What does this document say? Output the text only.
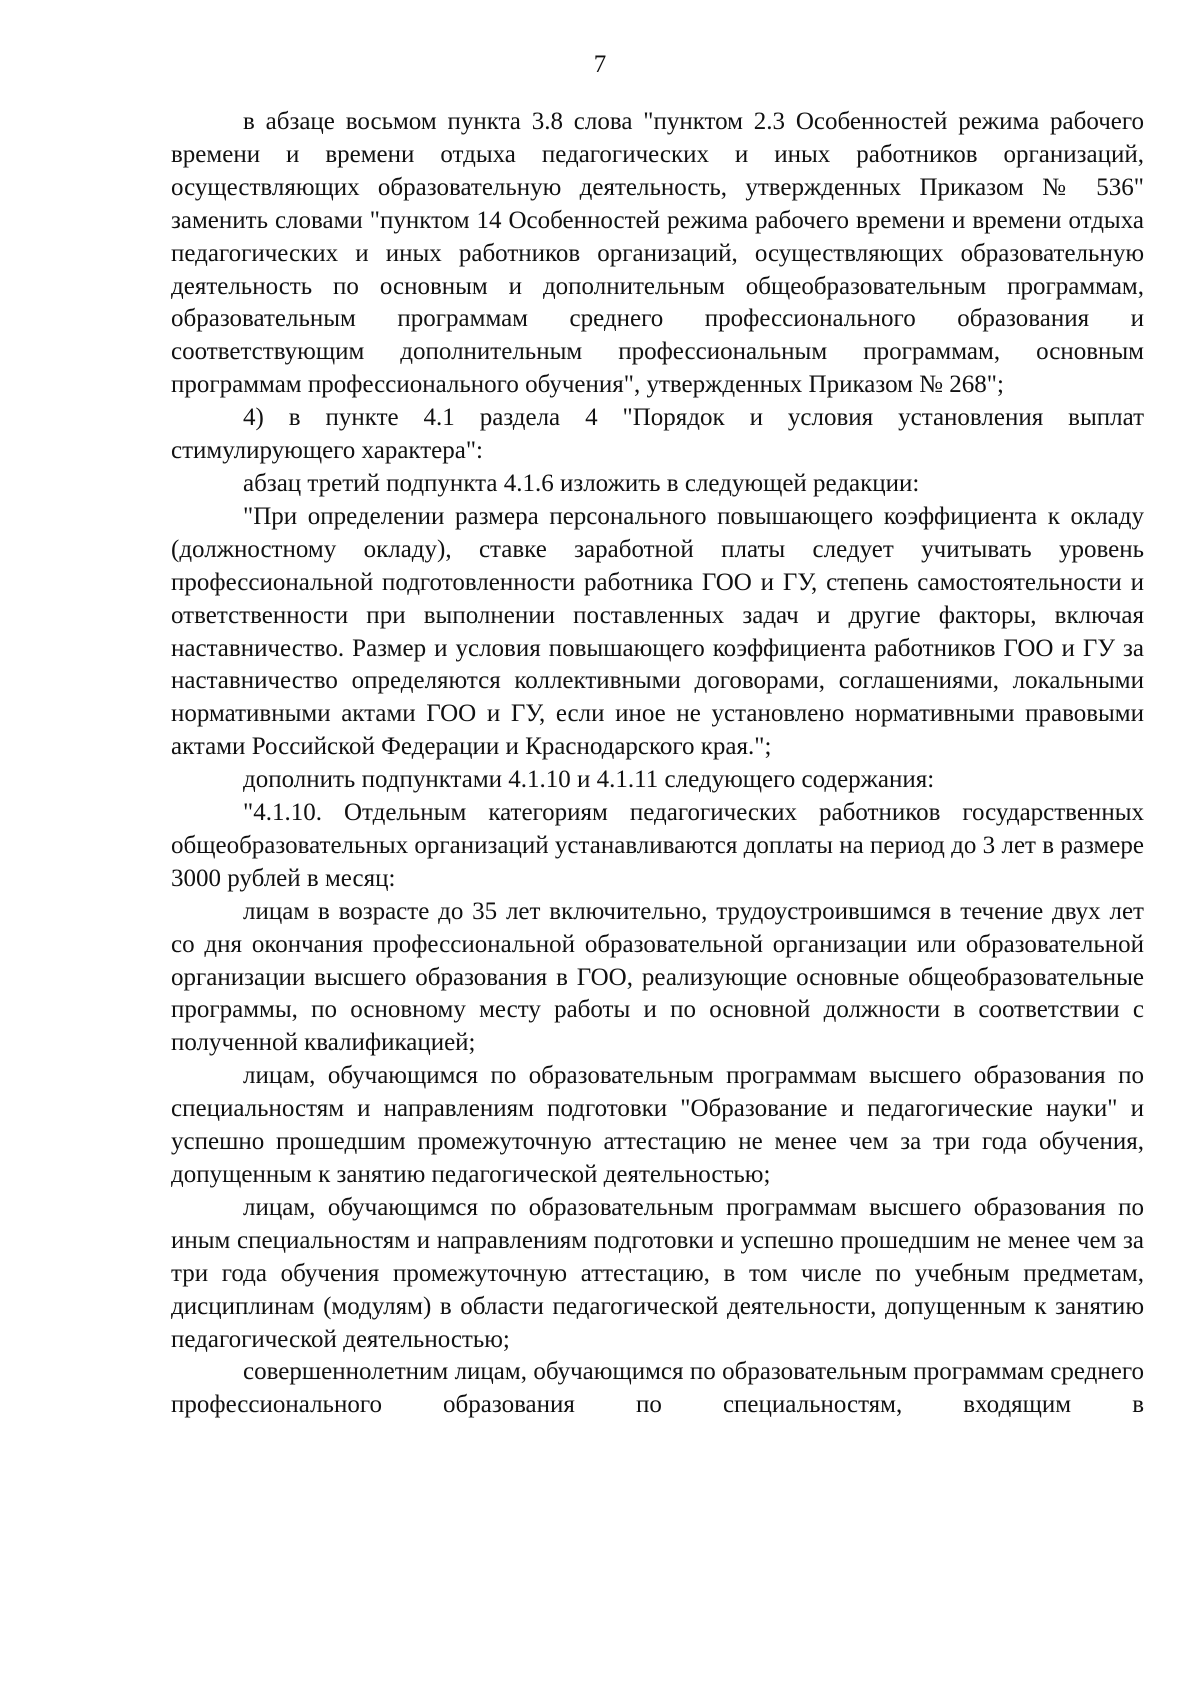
7

в абзаце восьмом пункта 3.8 слова "пунктом 2.3 Особенностей режима рабочего времени и времени отдыха педагогических и иных работников организаций, осуществляющих образовательную деятельность, утвержденных Приказом № 536" заменить словами "пунктом 14 Особенностей режима рабочего времени и времени отдыха педагогических и иных работников организаций, осуществляющих образовательную деятельность по основным и дополнительным общеобразовательным программам, образовательным программам среднего профессионального образования и соответствующим дополнительным профессиональным программам, основным программам профессионального обучения", утвержденных Приказом № 268";

4) в пункте 4.1 раздела 4 "Порядок и условия установления выплат стимулирующего характера":

абзац третий подпункта 4.1.6 изложить в следующей редакции:

"При определении размера персонального повышающего коэффициента к окладу (должностному окладу), ставке заработной платы следует учитывать уровень профессиональной подготовленности работника ГОО и ГУ, степень самостоятельности и ответственности при выполнении поставленных задач и другие факторы, включая наставничество. Размер и условия повышающего коэффициента работников ГОО и ГУ за наставничество определяются коллективными договорами, соглашениями, локальными нормативными актами ГОО и ГУ, если иное не установлено нормативными правовыми актами Российской Федерации и Краснодарского края.";

дополнить подпунктами 4.1.10 и 4.1.11 следующего содержания:

"4.1.10. Отдельным категориям педагогических работников государственных общеобразовательных организаций устанавливаются доплаты на период до 3 лет в размере 3000 рублей в месяц:

лицам в возрасте до 35 лет включительно, трудоустроившимся в течение двух лет со дня окончания профессиональной образовательной организации или образовательной организации высшего образования в ГОО, реализующие основные общеобразовательные программы, по основному месту работы и по основной должности в соответствии с полученной квалификацией;

лицам, обучающимся по образовательным программам высшего образования по специальностям и направлениям подготовки "Образование и педагогические науки" и успешно прошедшим промежуточную аттестацию не менее чем за три года обучения, допущенным к занятию педагогической деятельностью;

лицам, обучающимся по образовательным программам высшего образования по иным специальностям и направлениям подготовки и успешно прошедшим не менее чем за три года обучения промежуточную аттестацию, в том числе по учебным предметам, дисциплинам (модулям) в области педагогической деятельности, допущенным к занятию педагогической деятельностью;

совершеннолетним лицам, обучающимся по образовательным программам среднего профессионального образования по специальностям, входящим в
